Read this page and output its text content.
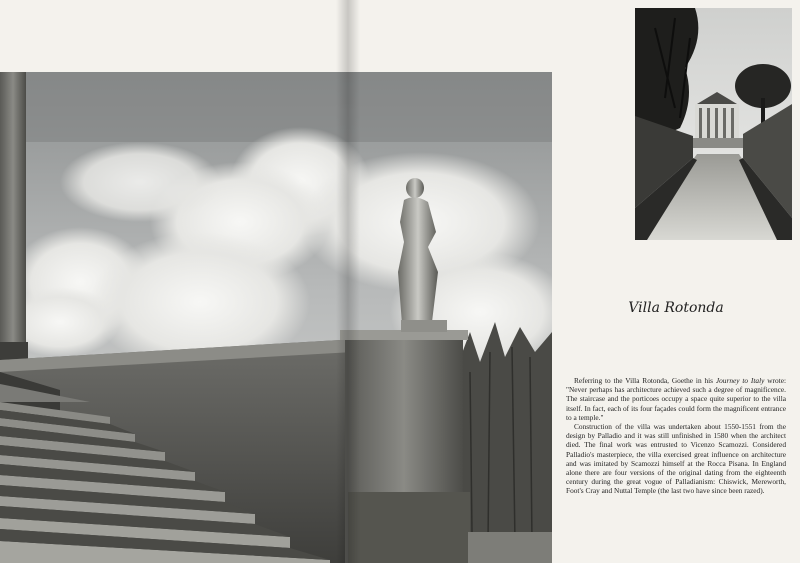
Villa Rotonda

Referring to the Villa Rotonda, Goethe in his Journey to Italy wrote: "Never perhaps has architecture achieved such a degree of magnificence. The staircase and the porticoes occupy a space quite superior to the villa itself. In fact, each of its four façades could form the magnificent entrance to a temple."

Construction of the villa was undertaken about 1550-1551 from the design by Palladio and it was still unfinished in 1580 when the architect died. The final work was entrusted to Vicenzo Scamozzi. Considered Palladio's masterpiece, the villa exercised great influence on architecture and was imitated by Scamozzi himself at the Rocca Pisana. In England alone there are four versions of the original dating from the eighteenth century during the great vogue of Palladianism: Chiswick, Mereworth, Foot's Cray and Nuttal Temple (the last two have since been razed).
